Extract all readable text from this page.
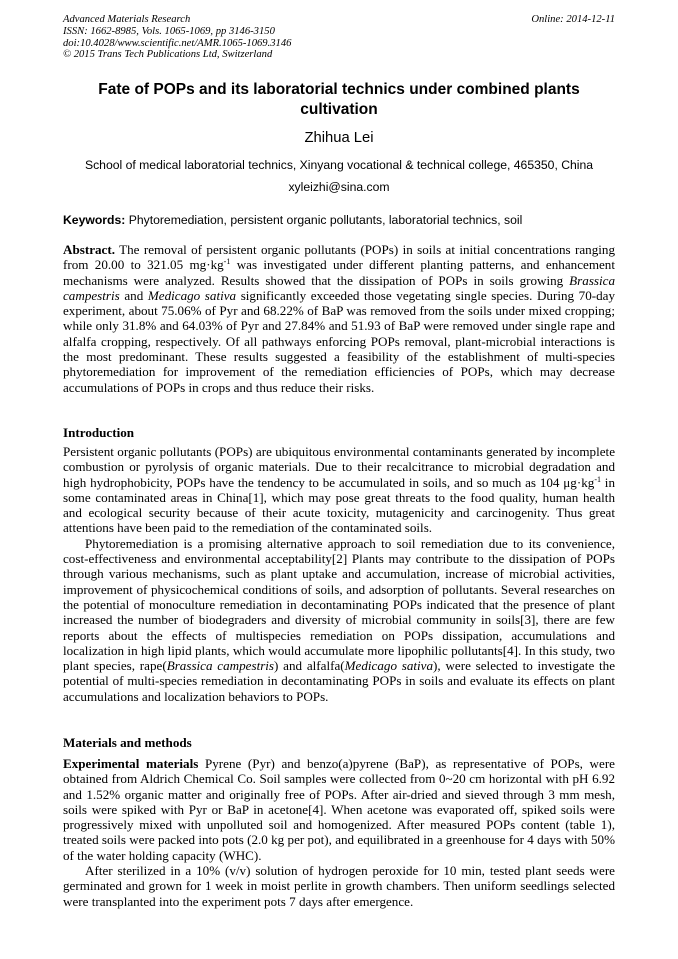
Advanced Materials Research
ISSN: 1662-8985, Vols. 1065-1069, pp 3146-3150
doi:10.4028/www.scientific.net/AMR.1065-1069.3146
© 2015 Trans Tech Publications Ltd, Switzerland
Online: 2014-12-11
Fate of POPs and its laboratorial technics under combined plants cultivation
Zhihua Lei
School of medical laboratorial technics, Xinyang vocational & technical college, 465350, China
xyleizhi@sina.com
Keywords: Phytoremediation, persistent organic pollutants, laboratorial technics, soil
Abstract. The removal of persistent organic pollutants (POPs) in soils at initial concentrations ranging from 20.00 to 321.05 $mg\cdot kg^{-1}$ was investigated under different planting patterns, and enhancement mechanisms were analyzed. Results showed that the dissipation of POPs in soils growing Brassica campestris and Medicago sativa significantly exceeded those vegetating single species. During 70-day experiment, about 75.06% of Pyr and 68.22% of BaP was removed from the soils under mixed cropping; while only 31.8% and 64.03% of Pyr and 27.84% and 51.93 of BaP were removed under single rape and alfalfa cropping, respectively. Of all pathways enforcing POPs removal, plant-microbial interactions is the most predominant. These results suggested a feasibility of the establishment of multi-species phytoremediation for improvement of the remediation efficiencies of POPs, which may decrease accumulations of POPs in crops and thus reduce their risks.
Introduction

Persistent organic pollutants (POPs) are ubiquitous environmental contaminants generated by incomplete combustion or pyrolysis of organic materials. Due to their recalcitrance to microbial degradation and high hydrophobicity, POPs have the tendency to be accumulated in soils, and so much as 104 $\mu g\cdot kg^{-1}$ in some contaminated areas in China[1], which may pose great threats to the food quality, human health and ecological security because of their acute toxicity, mutagenicity and carcinogenity. Thus great attentions have been paid to the remediation of the contaminated soils.

Phytoremediation is a promising alternative approach to soil remediation due to its convenience, cost-effectiveness and environmental acceptability[2] Plants may contribute to the dissipation of POPs through various mechanisms, such as plant uptake and accumulation, increase of microbial activities, improvement of physicochemical conditions of soils, and adsorption of pollutants. Several researches on the potential of monoculture remediation in decontaminating POPs indicated that the presence of plant increased the number of biodegraders and diversity of microbial community in soils[3], there are few reports about the effects of multispecies remediation on POPs dissipation, accumulations and localization in high lipid plants, which would accumulate more lipophilic pollutants[4]. In this study, two plant species, rape(Brassica campestris) and alfalfa(Medicago sativa), were selected to investigate the potential of multi-species remediation in decontaminating POPs in soils and evaluate its effects on plant accumulations and localization behaviors to POPs.

Materials and methods

Experimental materials Pyrene (Pyr) and benzo(a)pyrene (BaP), as representative of POPs, were obtained from Aldrich Chemical Co. Soil samples were collected from 0~20 cm horizontal with pH 6.92 and 1.52% organic matter and originally free of POPs. After air-dried and sieved through 3 mm mesh, soils were spiked with Pyr or BaP in acetone[4]. When acetone was evaporated off, spiked soils were progressively mixed with unpolluted soil and homogenized. After measured POPs content (table 1), treated soils were packed into pots (2.0 kg per pot), and equilibrated in a greenhouse for 4 days with 50% of the water holding capacity (WHC).

After sterilized in a 10% (v/v) solution of hydrogen peroxide for 10 min, tested plant seeds were germinated and grown for 1 week in moist perlite in growth chambers. Then uniform seedlings selected were transplanted into the experiment pots 7 days after emergence.
